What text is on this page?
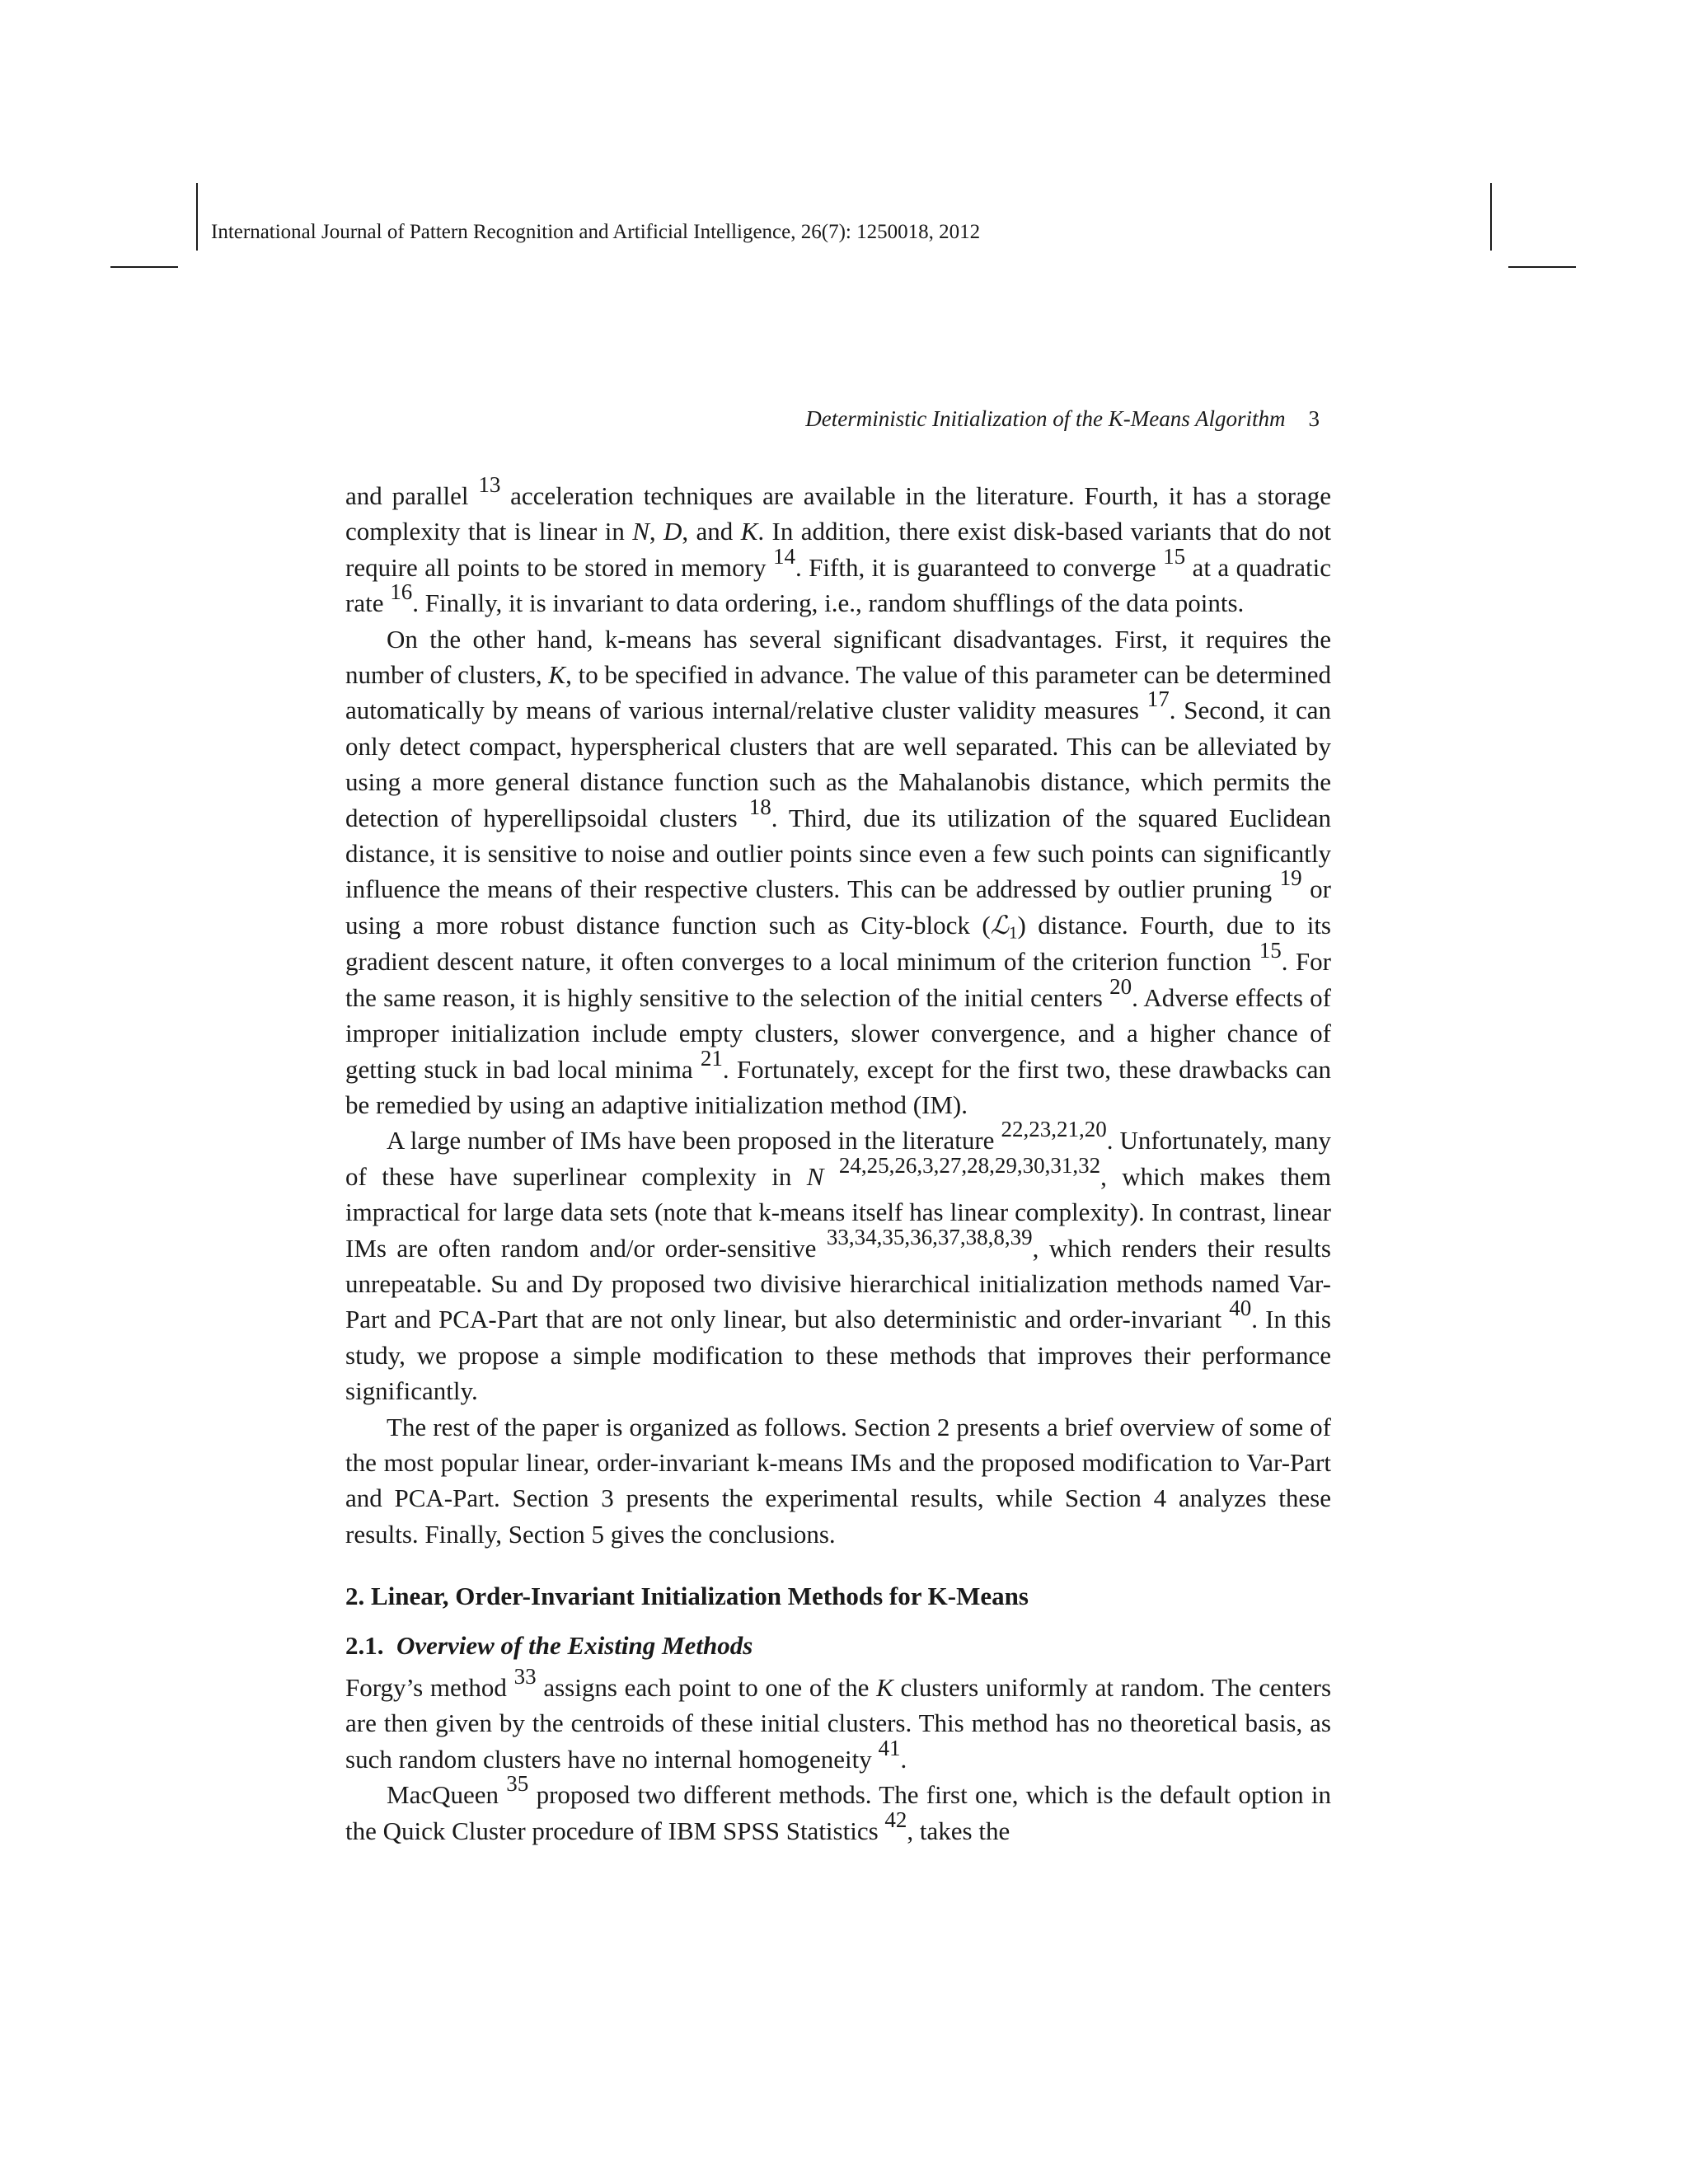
International Journal of Pattern Recognition and Artificial Intelligence, 26(7): 1250018, 2012
Deterministic Initialization of the K-Means Algorithm 3

and parallel $^{13}$ acceleration techniques are available in the literature. Fourth, it has a storage complexity that is linear in N, D, and K. In addition, there exist disk-based variants that do not require all points to be stored in memory $^{14}$. Fifth, it is guaranteed to converge $^{15}$ at a quadratic rate $^{16}$. Finally, it is invariant to data ordering, i.e., random shufflings of the data points.

On the other hand, k-means has several significant disadvantages. First, it requires the number of clusters, K, to be specified in advance. The value of this parameter can be determined automatically by means of various internal/relative cluster validity measures $^{17}$. Second, it can only detect compact, hyperspherical clusters that are well separated. This can be alleviated by using a more general distance function such as the Mahalanobis distance, which permits the detection of hyperellipsoidal clusters $^{18}$. Third, due its utilization of the squared Euclidean distance, it is sensitive to noise and outlier points since even a few such points can significantly influence the means of their respective clusters. This can be addressed by outlier pruning $^{19}$ or using a more robust distance function such as City-block (ℒ$_1$) distance. Fourth, due to its gradient descent nature, it often converges to a local minimum of the criterion function $^{15}$. For the same reason, it is highly sensitive to the selection of the initial centers $^{20}$. Adverse effects of improper initialization include empty clusters, slower convergence, and a higher chance of getting stuck in bad local minima $^{21}$. Fortunately, except for the first two, these drawbacks can be remedied by using an adaptive initialization method (IM).

A large number of IMs have been proposed in the literature $^{22,23,21,20}$. Unfortunately, many of these have superlinear complexity in N $^{24,25,26,3,27,28,29,30,31,32}$, which makes them impractical for large data sets (note that k-means itself has linear complexity). In contrast, linear IMs are often random and/or order-sensitive $^{33,34,35,36,37,38,8,39}$, which renders their results unrepeatable. Su and Dy proposed two divisive hierarchical initialization methods named Var-Part and PCA-Part that are not only linear, but also deterministic and order-invariant $^{40}$. In this study, we propose a simple modification to these methods that improves their performance significantly.

The rest of the paper is organized as follows. Section 2 presents a brief overview of some of the most popular linear, order-invariant k-means IMs and the proposed modification to Var-Part and PCA-Part. Section 3 presents the experimental results, while Section 4 analyzes these results. Finally, Section 5 gives the conclusions.

2. Linear, Order-Invariant Initialization Methods for K-Means
2.1. Overview of the Existing Methods

Forgy’s method $^{33}$ assigns each point to one of the K clusters uniformly at random. The centers are then given by the centroids of these initial clusters. This method has no theoretical basis, as such random clusters have no internal homogeneity $^{41}$.

MacQueen $^{35}$ proposed two different methods. The first one, which is the default option in the Quick Cluster procedure of IBM SPSS Statistics $^{42}$, takes the
